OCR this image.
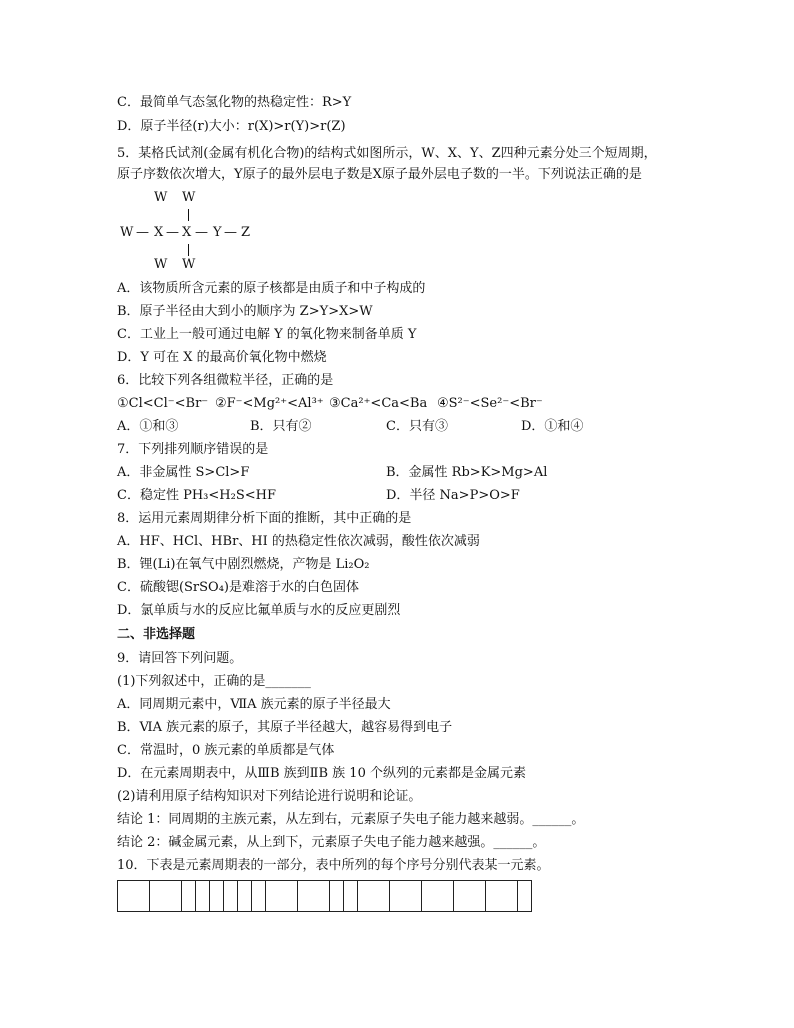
C．最简单气态氢化物的热稳定性：R>Y
D．原子半径(r)大小：r(X)>r(Y)>r(Z)
5．某格氏试剂(金属有机化合物)的结构式如图所示，W、X、Y、Z四种元素分处三个短周期，
原子序数依次增大，Y原子的最外层电子数是X原子最外层电子数的一半。下列说法正确的是
W W
W — X — X — Y — Z
W W
A．该物质所含元素的原子核都是由质子和中子构成的
B．原子半径由大到小的顺序为 Z>Y>X>W
C．工业上一般可通过电解 Y 的氧化物来制备单质 Y
D．Y 可在 X 的最高价氧化物中燃烧
6．比较下列各组微粒半径，正确的是
①Cl<Cl⁻<Br⁻ ②F⁻<Mg²⁺<Al³⁺ ③Ca²⁺<Ca<Ba ④S²⁻<Se²⁻<Br⁻
A．①和③	B．只有②	C．只有③	D．①和④
7．下列排列顺序错误的是
A．非金属性 S>Cl>F	B．金属性 Rb>K>Mg>Al
C．稳定性 PH₃<H₂S<HF	D．半径 Na>P>O>F
8．运用元素周期律分析下面的推断，其中正确的是
A．HF、HCl、HBr、HI 的热稳定性依次减弱，酸性依次减弱
B．锂(Li)在氧气中剧烈燃烧，产物是 Li₂O₂
C．硫酸锶(SrSO₄)是难溶于水的白色固体
D．氯单质与水的反应比氟单质与水的反应更剧烈
二、非选择题
9．请回答下列问题。
(1)下列叙述中，正确的是_______
A．同周期元素中，ⅦA 族元素的原子半径最大
B．ⅥA 族元素的原子，其原子半径越大，越容易得到电子
C．常温时，0 族元素的单质都是气体
D．在元素周期表中，从ⅢB 族到ⅡB 族 10 个纵列的元素都是金属元素
(2)请利用原子结构知识对下列结论进行说明和论证。
结论 1：同周期的主族元素，从左到右，元素原子失电子能力越来越弱。______。
结论 2：碱金属元素，从上到下，元素原子失电子能力越来越强。______。
10．下表是元素周期表的一部分，表中所列的每个序号分别代表某一元素。
